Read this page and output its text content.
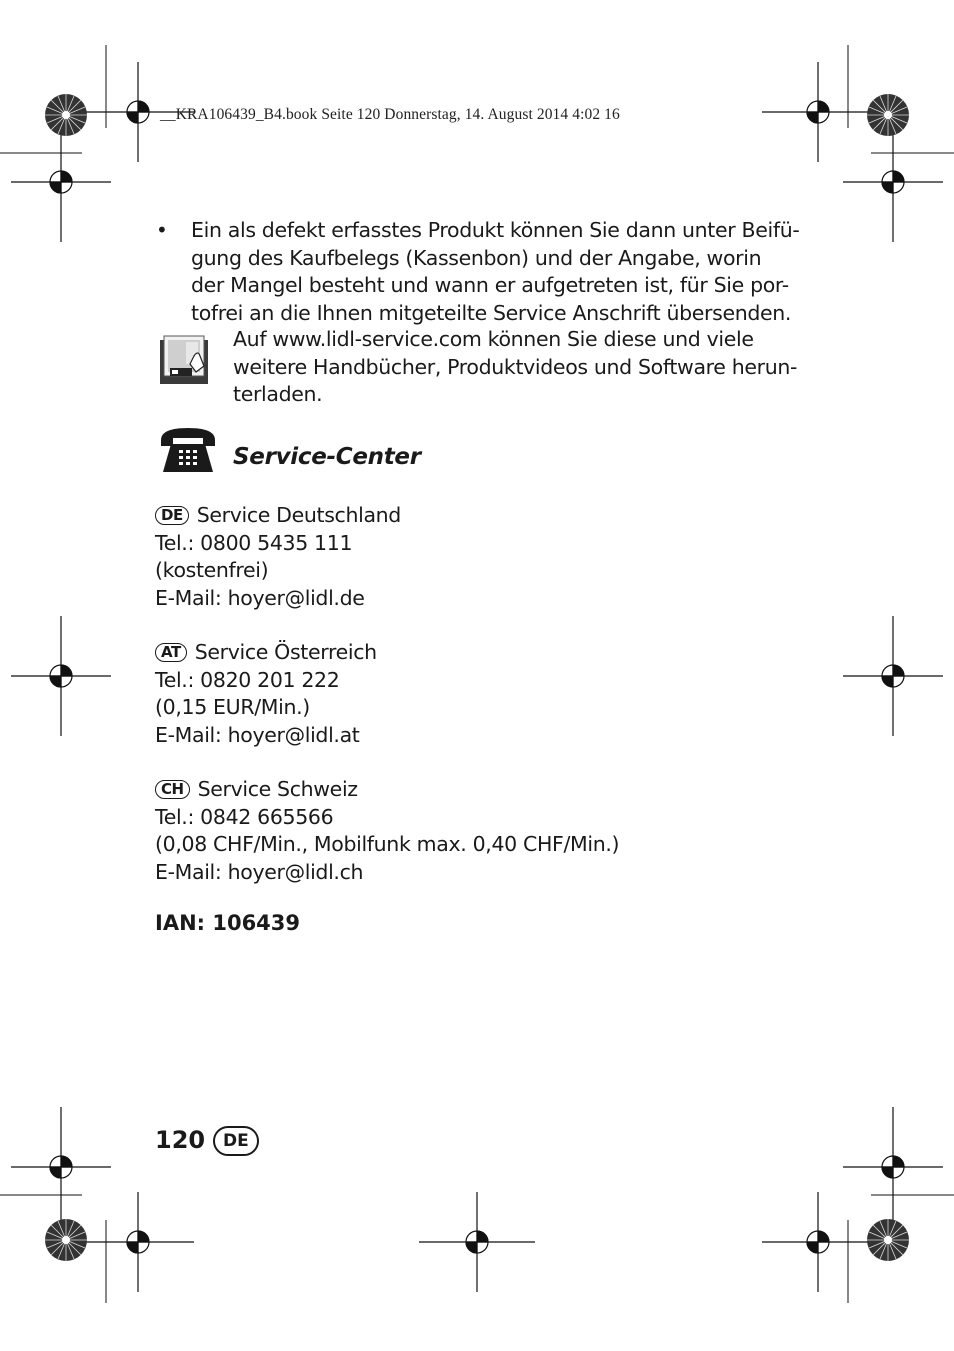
__KRA106439_B4.book Seite 120 Donnerstag, 14. August 2014 4:02 16
• Ein als defekt erfasstes Produkt können Sie dann unter Beifü-
gung des Kaufbelegs (Kassenbon) und der Angabe, worin
der Mangel besteht und wann er aufgetreten ist, für Sie por-
tofrei an die Ihnen mitgeteilte Service Anschrift übersenden.
Auf www.lidl-service.com können Sie diese und viele
weitere Handbücher, Produktvideos und Software herun-
terladen.
Service-Center
DE Service Deutschland
Tel.: 0800 5435 111
(kostenfrei)
E-Mail: hoyer@lidl.de
AT Service Österreich
Tel.: 0820 201 222
(0,15 EUR/Min.)
E-Mail: hoyer@lidl.at
CH Service Schweiz
Tel.: 0842 665566
(0,08 CHF/Min., Mobilfunk max. 0,40 CHF/Min.)
E-Mail: hoyer@lidl.ch
IAN: 106439
120	DE
